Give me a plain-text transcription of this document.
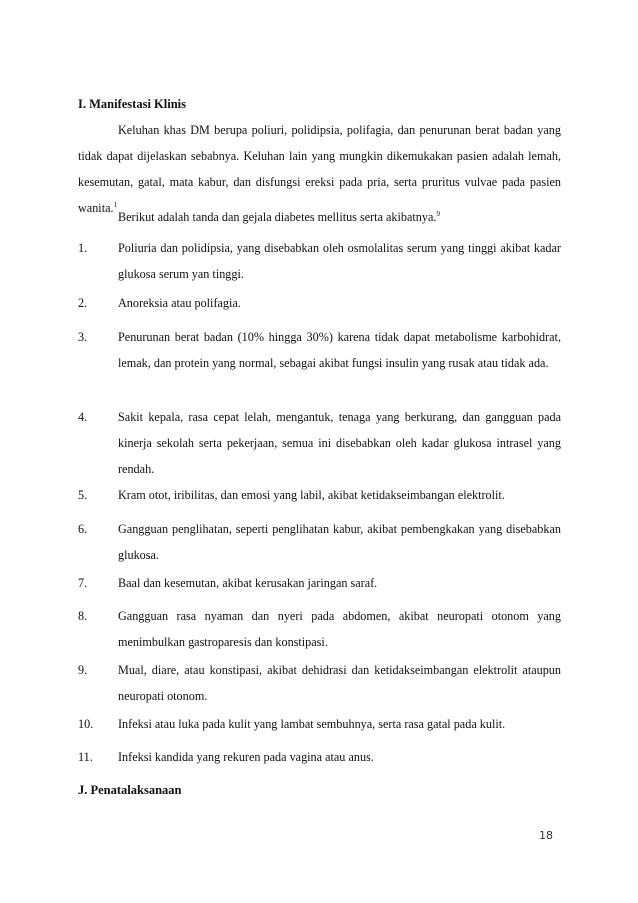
I. Manifestasi Klinis

Keluhan khas DM berupa poliuri, polidipsia, polifagia, dan penurunan berat badan yang tidak dapat dijelaskan sebabnya. Keluhan lain yang mungkin dikemukakan pasien adalah lemah, kesemutan, gatal, mata kabur, dan disfungsi ereksi pada pria, serta pruritus vulvae pada pasien wanita.$^1$

Berikut adalah tanda dan gejala diabetes mellitus serta akibatnya.$^9$
1.	Poliuria dan polidipsia, yang disebabkan oleh osmolalitas serum yang tinggi akibat kadar glukosa serum yan tinggi.
2.	Anoreksia atau polifagia.
3.	Penurunan berat badan (10% hingga 30%) karena tidak dapat metabolisme karbohidrat, lemak, dan protein yang normal, sebagai akibat fungsi insulin yang rusak atau tidak ada.
4.	Sakit kepala, rasa cepat lelah, mengantuk, tenaga yang berkurang, dan gangguan pada kinerja sekolah serta pekerjaan, semua ini disebabkan oleh kadar glukosa intrasel yang rendah.
5.	Kram otot, iribilitas, dan emosi yang labil, akibat ketidakseimbangan elektrolit.
6.	Gangguan penglihatan, seperti penglihatan kabur, akibat pembengkakan yang disebabkan glukosa.
7.	Baal dan kesemutan, akibat kerusakan jaringan saraf.
8.	Gangguan rasa nyaman dan nyeri pada abdomen, akibat neuropati otonom yang menimbulkan gastroparesis dan konstipasi.
9.	Mual, diare, atau konstipasi, akibat dehidrasi dan ketidakseimbangan elektrolit ataupun neuropati otonom.
10. Infeksi atau luka pada kulit yang lambat sembuhnya, serta rasa gatal pada kulit.
11. Infeksi kandida yang rekuren pada vagina atau anus.
J. Penatalaksanaan
18
